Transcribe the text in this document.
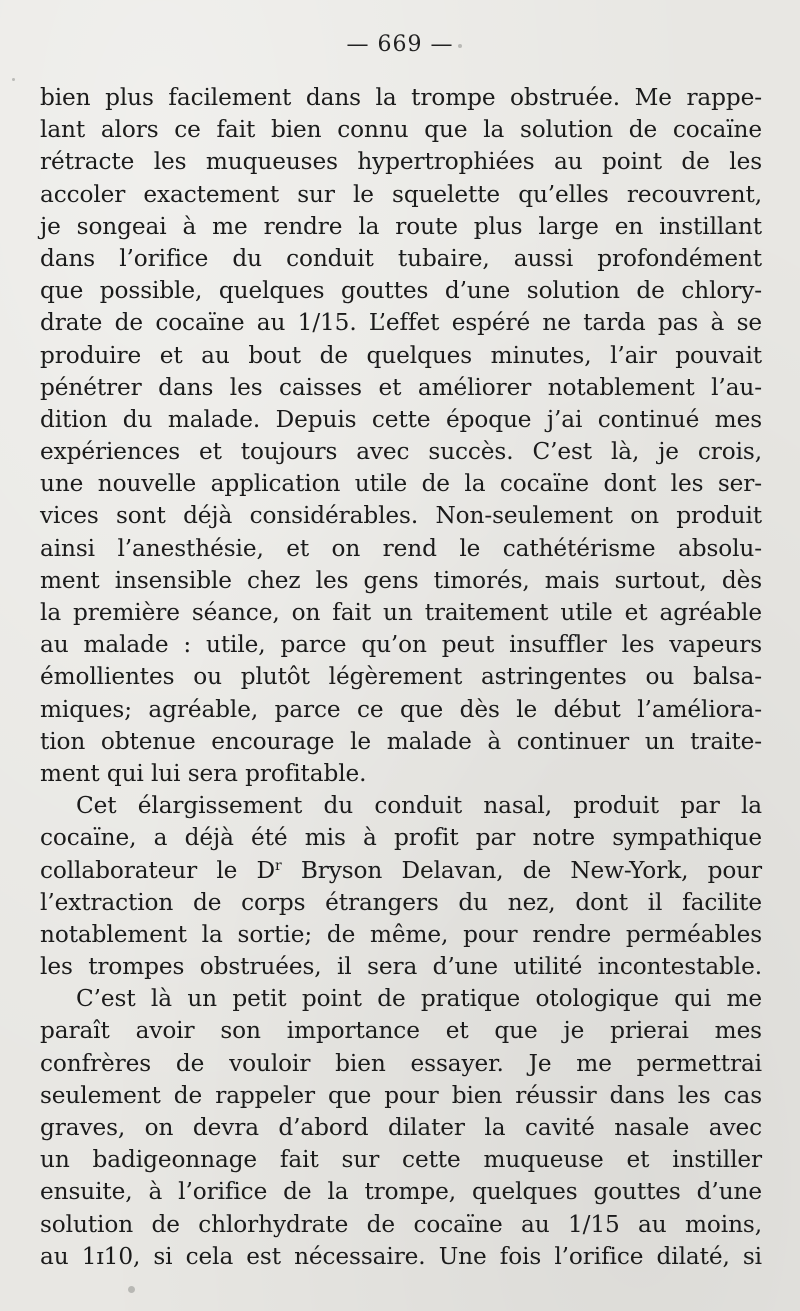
— 669 —
bien plus facilement dans la trompe obstruée. Me rappe-
lant alors ce fait bien connu que la solution de cocaïne
rétracte les muqueuses hypertrophiées au point de les
accoler exactement sur le squelette qu’elles recouvrent,
je songeai à me rendre la route plus large en instillant
dans l’orifice du conduit tubaire, aussi profondément
que possible, quelques gouttes d’une solution de chlory-
drate de cocaïne au 1/15. L’effet espéré ne tarda pas à se
produire et au bout de quelques minutes, l’air pouvait
pénétrer dans les caisses et améliorer notablement l’au-
dition du malade. Depuis cette époque j’ai continué mes
expériences et toujours avec succès. C’est là, je crois,
une nouvelle application utile de la cocaïne dont les ser-
vices sont déjà considérables. Non-seulement on produit
ainsi l’anesthésie, et on rend le cathétérisme absolu-
ment insensible chez les gens timorés, mais surtout, dès
la première séance, on fait un traitement utile et agréable
au malade : utile, parce qu’on peut insuffler les vapeurs
émollientes ou plutôt légèrement astringentes ou balsa-
miques; agréable, parce ce que dès le début l’améliora-
tion obtenue encourage le malade à continuer un traite-
ment qui lui sera profitable.
Cet élargissement du conduit nasal, produit par la
cocaïne, a déjà été mis à profit par notre sympathique
collaborateur le $D^r$ Bryson Delavan, de New-York, pour
l’extraction de corps étrangers du nez, dont il facilite
notablement la sortie; de même, pour rendre perméables
les trompes obstruées, il sera d’une utilité incontestable.
C’est là un petit point de pratique otologique qui me
paraît avoir son importance et que je prierai mes
confrères de vouloir bien essayer. Je me permettrai
seulement de rappeler que pour bien réussir dans les cas
graves, on devra d’abord dilater la cavité nasale avec
un badigeonnage fait sur cette muqueuse et instiller
ensuite, à l’orifice de la trompe, quelques gouttes d’une
solution de chlorhydrate de cocaïne au 1/15 au moins,
au 1ɪ10, si cela est nécessaire. Une fois l’orifice dilaté, si
